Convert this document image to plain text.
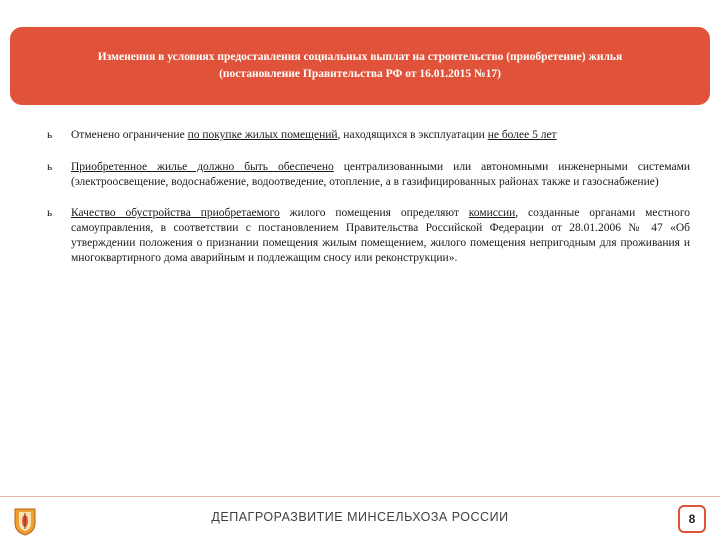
Изменения в условиях предоставления социальных выплат на строительство (приобретение) жилья
(постановление Правительства РФ от 16.01.2015 №17)
ь Отменено ограничение по покупке жилых помещений, находящихся в эксплуатации не более 5 лет
ь Приобретенное жилье должно быть обеспечено централизованными или автономными инженерными системами (электроосвещение, водоснабжение, водоотведение, отопление, а в газифицированных районах также и газоснабжение)
ь Качество обустройства приобретаемого жилого помещения определяют комиссии, созданные органами местного самоуправления, в соответствии с постановлением Правительства Российской Федерации от 28.01.2006 № 47 «Об утверждении положения о признании помещения жилым помещением, жилого помещения непригодным для проживания и многоквартирного дома аварийным и подлежащим сносу или реконструкции».
ДЕПАГРОРАЗВИТИЕ МИНСЕЛЬХОЗА РОССИИ	8
